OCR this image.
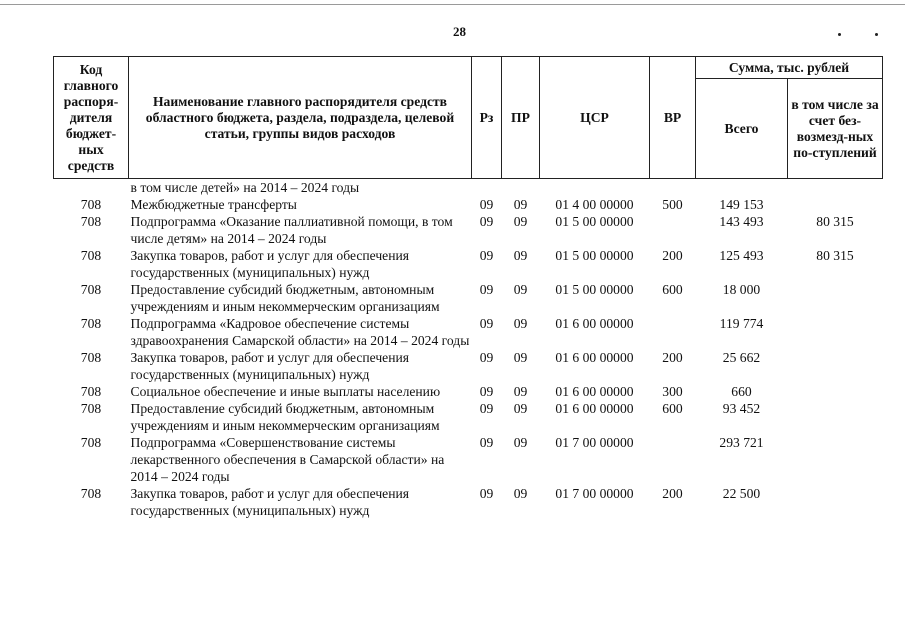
28
Код главного распоря-дителя бюджет-ных средств	Наименование главного распорядителя средств областного бюджета, раздела, подраздела, целевой статьи, группы видов расходов	Рз	ПР	ЦСР	ВР	Сумма, тыс. рублей	
						Всего	в том числе за счет без-возмезд-ных по-ступлений
	в том числе детей» на 2014 – 2024 годы						
708	Межбюджетные трансферты	09	09	01 4 00 00000	500	149 153	
708	Подпрограмма «Оказание паллиативной помощи, в том числе детям» на 2014 – 2024 годы	09	09	01 5 00 00000		143 493	80 315
708	Закупка товаров, работ и услуг для обеспечения государственных (муниципальных) нужд	09	09	01 5 00 00000	200	125 493	80 315
708	Предоставление субсидий бюджетным, автономным учреждениям и иным некоммерческим организациям	09	09	01 5 00 00000	600	18 000	
708	Подпрограмма «Кадровое обеспечение системы здравоохранения Самарской области» на 2014 – 2024 годы	09	09	01 6 00 00000		119 774	
708	Закупка товаров, работ и услуг для обеспечения государственных (муниципальных) нужд	09	09	01 6 00 00000	200	25 662	
708	Социальное обеспечение и иные выплаты населению	09	09	01 6 00 00000	300	660	
708	Предоставление субсидий бюджетным, автономным учреждениям и иным некоммерческим организациям	09	09	01 6 00 00000	600	93 452	
708	Подпрограмма «Совершенствование системы лекарственного обеспечения в Самарской области» на 2014 – 2024 годы	09	09	01 7 00 00000		293 721	
708	Закупка товаров, работ и услуг для обеспечения государственных (муниципальных) нужд	09	09	01 7 00 00000	200	22 500	
